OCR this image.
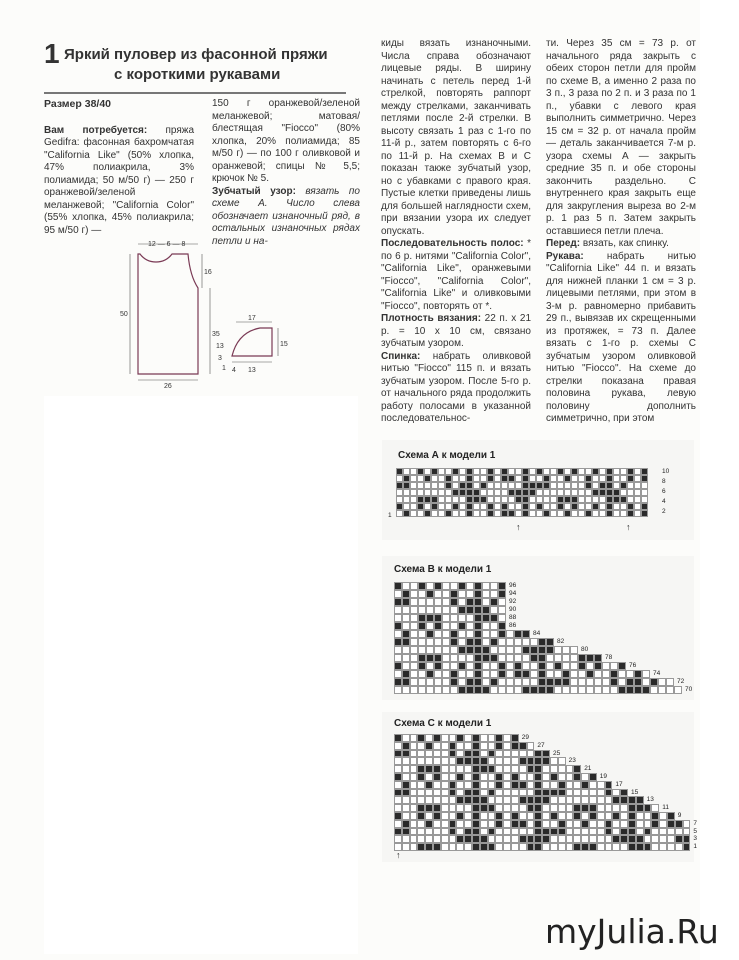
1 Яркий пуловер из фасонной пряжи
с короткими рукавами

Размер 38/40

Вам потребуется: пряжа Gedifra: фасонная бахромчатая "California Like" (50% хлопка, 47% полиакрила, 3% полиамида; 50 м/50 г) — 250 г оранжевой/зеленой меланжевой; "California Color" (55% хлопка, 45% полиакрила; 95 м/50 г) —

150 г оранжевой/зеленой меланжевой; матовая/блестящая "Fiocco" (80% хлопка, 20% полиамида; 85 м/50 г) — по 100 г оливковой и оранжевой; спицы № 5,5; крючок № 5.

Зубчатый узор: вязать по схеме А. Число слева обозначает изнаночный ряд, в остальных изнаночных рядах петли и на-

киды вязать изнаночными. Числа справа обозначают лицевые ряды. В ширину начинать с петель перед 1-й стрелкой, повторять раппорт между стрелками, заканчивать петлями после 2-й стрелки. В высоту связать 1 раз с 1-го по 11-й р., затем повторять с 6-го по 11-й р. На схемах B и C показан также зубчатый узор, но с убавками с правого края. Пустые клетки приведены лишь для большей наглядности схем, при вязании узора их следует опускать.

Последовательность полос: * по 6 р. нитями "California Color", "California Like", оранжевыми "Fiocco", "California Color", "California Like" и оливковыми "Fiocco", повторять от *.

Плотность вязания: 22 п. х 21 р. = 10 х 10 см, связано зубчатым узором.

Спинка: набрать оливковой нитью "Fiocco" 115 п. и вязать зубчатым узором. После 5-го р. от начального ряда продолжить работу полосами в указанной последовательнос-

ти. Через 35 см = 73 р. от начального ряда закрыть с обеих сторон петли для пройм по схеме B, а именно 2 раза по 3 п., 3 раза по 2 п. и 3 раза по 1 п., убавки с левого края выполнить симметрично. Через 15 см = 32 р. от начала пройм — деталь заканчивается 7-м р. узора схемы А — закрыть средние 35 п. и обе стороны закончить раздельно. С внутреннего края закрыть еще для закругления выреза во 2-м р. 1 раз 5 п. Затем закрыть оставшиеся петли плеча.

Перед: вязать, как спинку.

Рукава: набрать нитью "California Like" 44 п. и вязать для нижней планки 1 см = 3 р. лицевыми петлями, при этом в 3-м р. равномерно прибавить 29 п., вывязав их скрещенными из протяжек, = 73 п. Далее вязать с 1-го р. схемы C зубчатым узором оливковой нитью "Fiocco". На схеме до стрелки показана правая половина рукава, левую половину дополнить симметрично, при этом

12 — 6 — 8
16
50
35
26
17
15
13
3
1 4 13
Схема А к модели 1
10
8
6
4
2
1
↑	↑
Схема В к модели 1
96
94
92
90
88
86
84
82
80
78
76
74
72
70
Схема С к модели 1
29
27
25
23
21
19
17
15
13
11
9
7
5
3
1
↑
myJulia.Ru
